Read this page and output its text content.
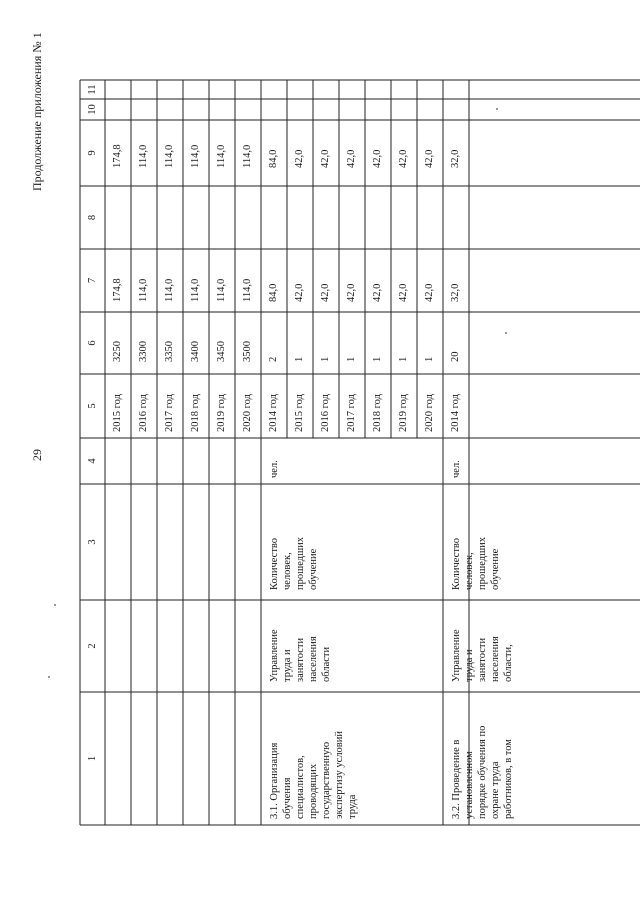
1
2
3
4
5
6
7
8
9
10
11
2015 год
3250
174,8
174,8
2016 год
3300
114,0
114,0
2017 год
3350
114,0
114,0
2018 год
3400
114,0
114,0
2019 год
3450
114,0
114,0
2020 год
3500
114,0
114,0
2014 год
2
84,0
84,0
2015 год
1
42,0
42,0
2016 год
1
42,0
42,0
2017 год
1
42,0
42,0
2018 год
1
42,0
42,0
2019 год
1
42,0
42,0
2020 год
1
42,0
42,0
3.1. Организация обучения специалистов, проводящих государственную экспертизу условий труда
Управление труда и занятости населения области
Количество человек, прошедших обучение
чел.
2014 год
20
32,0
32,0
3.2. Проведение в установленном порядке обучения по охране труда работников, в том
Управление труда и занятости населения области,
Количество человек, прошедших обучение
чел.
29
Продолжение приложения № 1
